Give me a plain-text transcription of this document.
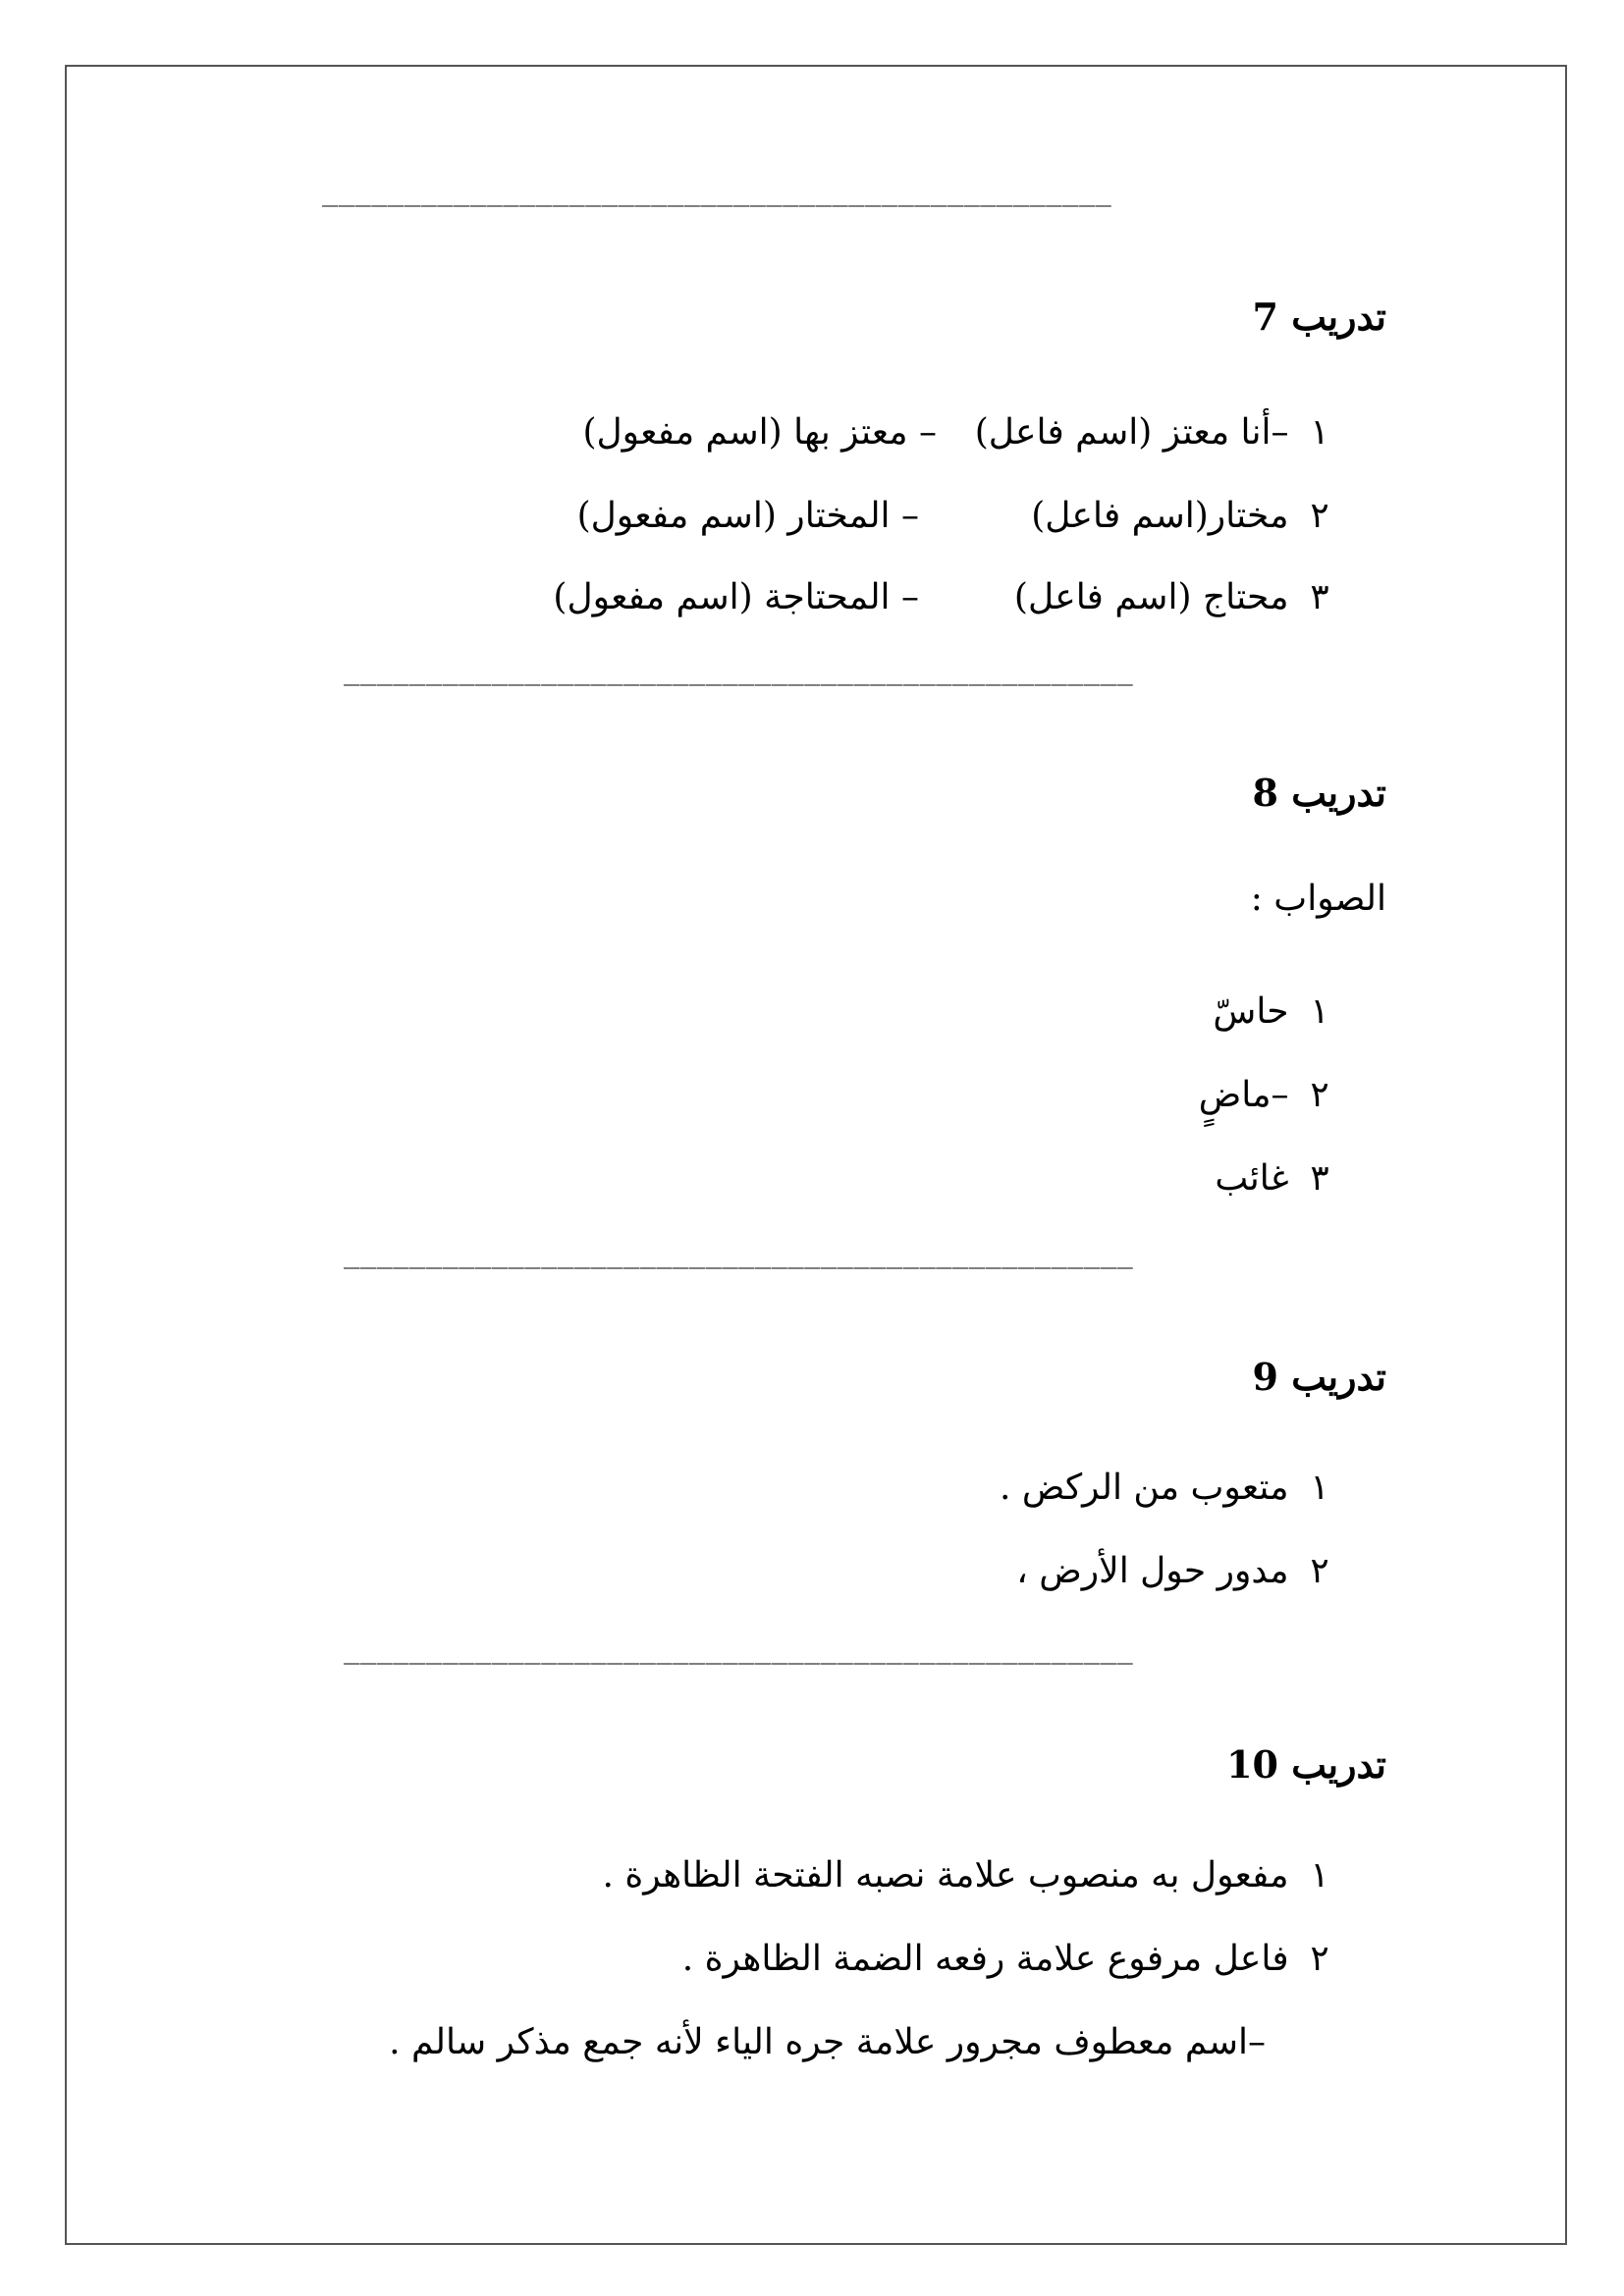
________________________________________________
تدريب 7
١ –أنا معتز (اسم فاعل)
– معتز بها (اسم مفعول)
٢ مختار(اسم فاعل)
– المختار (اسم مفعول)
٣ محتاج (اسم فاعل)
– المحتاجة (اسم مفعول)
________________________________________________
تدريب 8
الصواب :
١ حاسّ
٢ –ماضٍ
٣ غائب
________________________________________________
تدريب 9
١ متعوب من الركض .
٢ مدور حول الأرض ،
________________________________________________
تدريب 10
١ مفعول به منصوب علامة نصبه الفتحة الظاهرة .
٢ فاعل مرفوع علامة رفعه الضمة الظاهرة .
–اسم معطوف مجرور علامة جره الياء لأنه جمع مذكر سالم .
